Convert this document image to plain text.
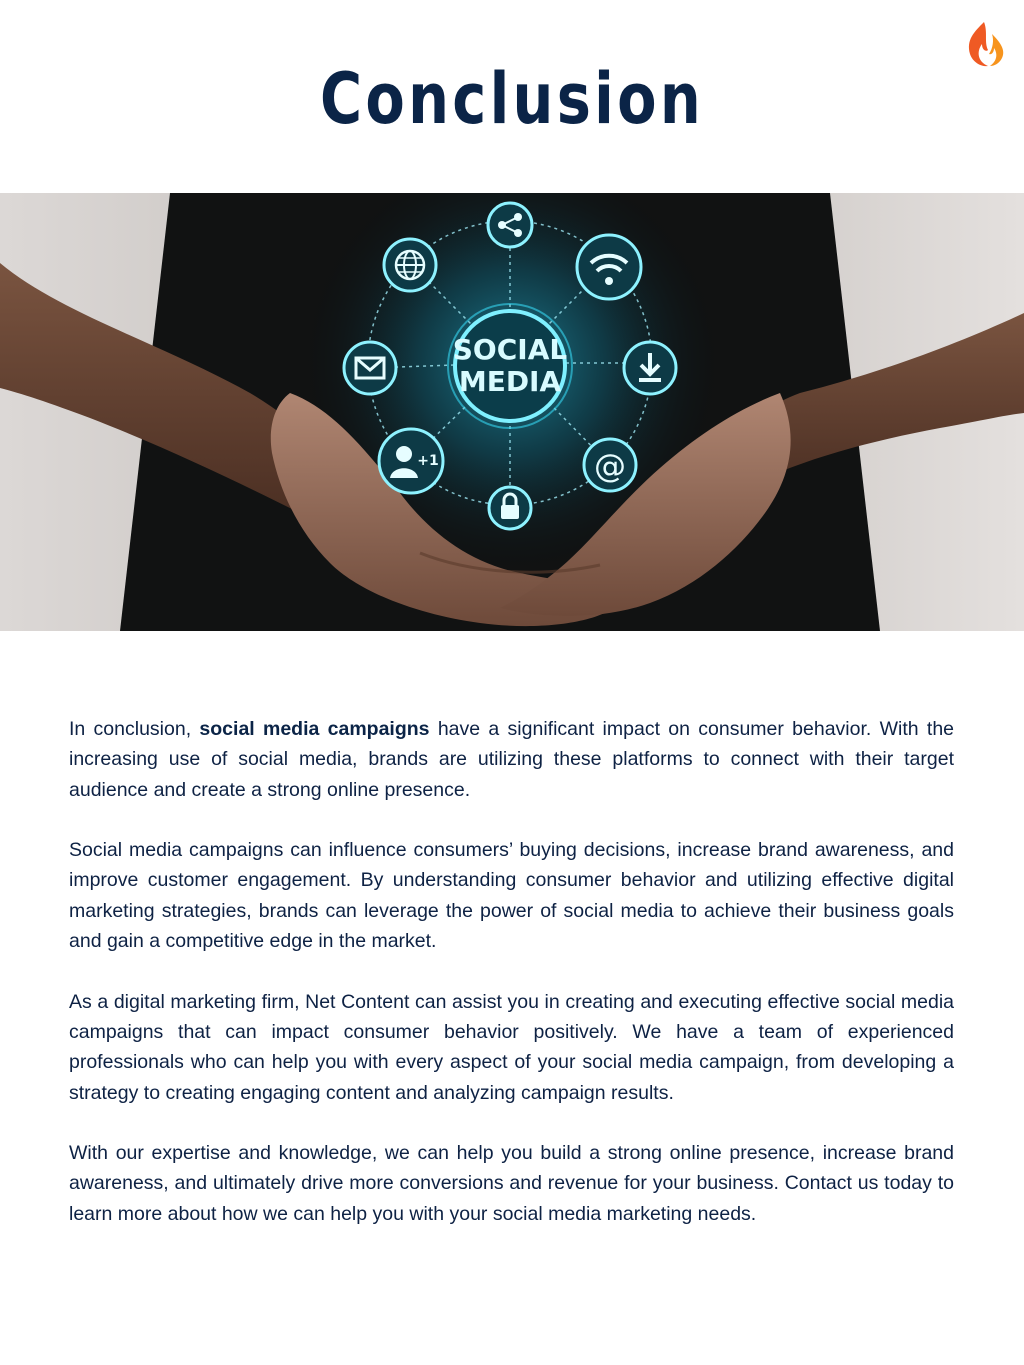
Conclusion
SOCIAL
MEDIA
@
+1

In conclusion, social media campaigns have a significant impact on consumer behavior. With the increasing use of social media, brands are utilizing these platforms to connect with their target audience and create a strong online presence.

Social media campaigns can influence consumers’ buying decisions, increase brand awareness, and improve customer engagement. By understanding consumer behavior and utilizing effective digital marketing strategies, brands can leverage the power of social media to achieve their business goals and gain a competitive edge in the market.

As a digital marketing firm, Net Content can assist you in creating and executing effective social media campaigns that can impact consumer behavior positively. We have a team of experienced professionals who can help you with every aspect of your social media campaign, from developing a strategy to creating engaging content and analyzing campaign results.

With our expertise and knowledge, we can help you build a strong online presence, increase brand awareness, and ultimately drive more conversions and revenue for your business. Contact us today to learn more about how we can help you with your social media marketing needs.
